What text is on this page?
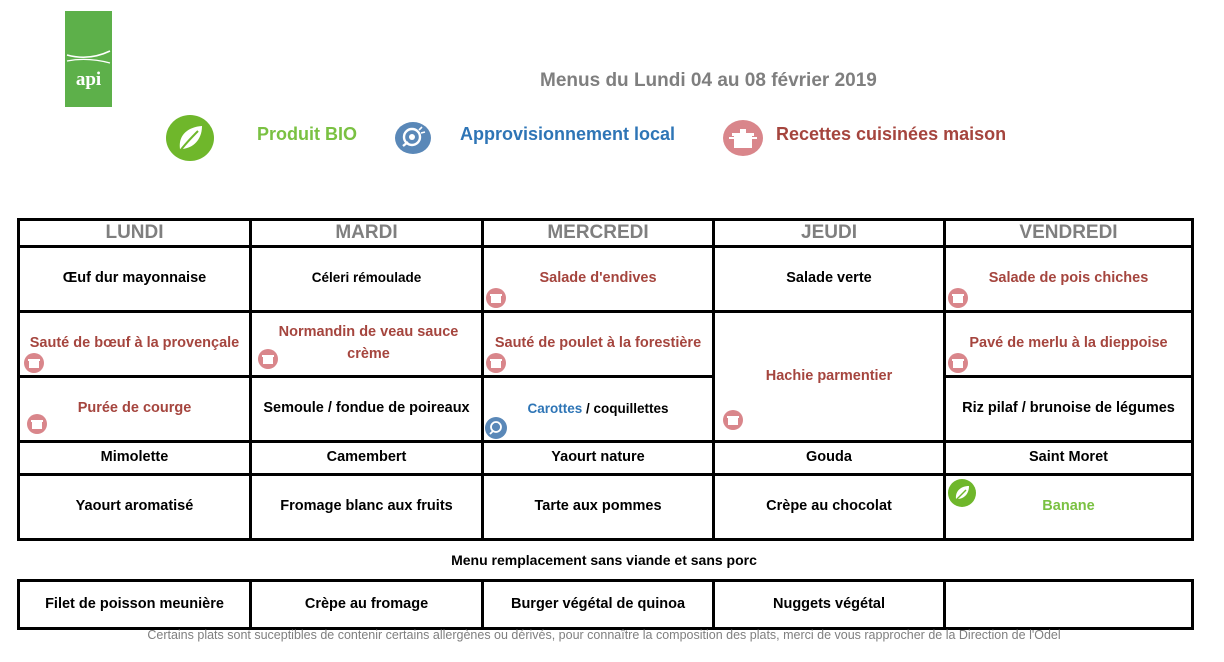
api	Menus du Lundi 04 au 08 février 2019
Produit BIO	Approvisionnement local	Recettes cuisinées maison
LUNDI	MARDI	MERCREDI	JEUDI	VENDREDI
Œuf dur mayonnaise	Céleri rémoulade	Salade d'endives	Salade verte	Salade de pois chiches

Sauté de bœuf à la provençale	Normandin de veau sauce crème	Sauté de poulet à la forestière	Hachie parmentier	Pavé de merlu à la dieppoise

Purée de courge	Semoule / fondue de poireaux	Carottes / coquillettes		Riz pilaf / brunoise de légumes
Mimolette	Camembert	Yaourt nature	Gouda	Saint Moret
Yaourt aromatisé	Fromage blanc aux fruits	Tarte aux pommes	Crèpe au chocolat	Banane
Menu remplacement sans viande et sans porc
Filet de poisson meunière	Crèpe au fromage	Burger végétal de quinoa	Nuggets végétal	
Certains plats sont suceptibles de contenir certains allergènes ou dérivés, pour connaître la composition des plats, merci de vous rapprocher de la Direction de l'Odel
